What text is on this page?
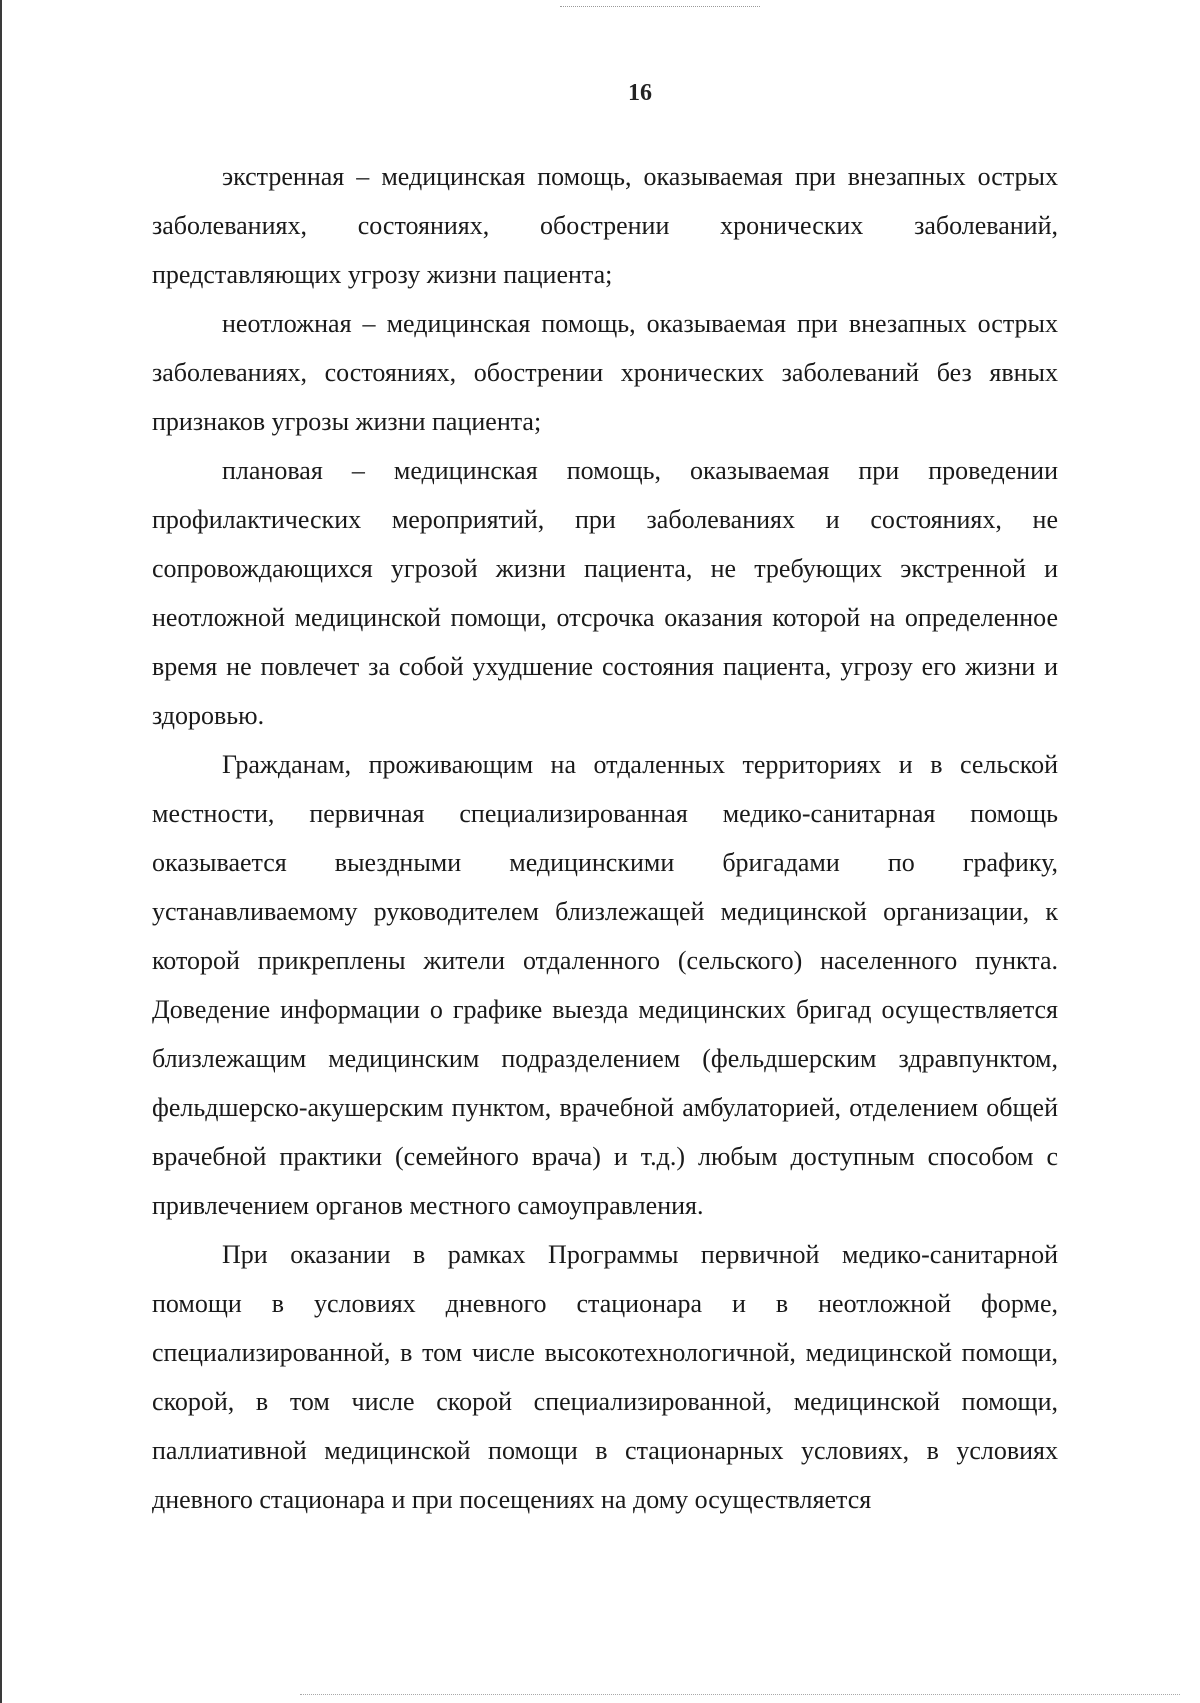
16

экстренная – медицинская помощь, оказываемая при внезапных острых заболеваниях, состояниях, обострении хронических заболеваний, представляющих угрозу жизни пациента;

неотложная – медицинская помощь, оказываемая при внезапных острых заболеваниях, состояниях, обострении хронических заболеваний без явных признаков угрозы жизни пациента;

плановая – медицинская помощь, оказываемая при проведении профилактических мероприятий, при заболеваниях и состояниях, не сопровождающихся угрозой жизни пациента, не требующих экстренной и неотложной медицинской помощи, отсрочка оказания которой на определенное время не повлечет за собой ухудшение состояния пациента, угрозу его жизни и здоровью.

Гражданам, проживающим на отдаленных территориях и в сельской местности, первичная специализированная медико-санитарная помощь оказывается выездными медицинскими бригадами по графику, устанавливаемому руководителем близлежащей медицинской организации, к которой прикреплены жители отдаленного (сельского) населенного пункта. Доведение информации о графике выезда медицинских бригад осуществляется близлежащим медицинским подразделением (фельдшерским здравпунктом, фельдшерско-акушерским пунктом, врачебной амбулаторией, отделением общей врачебной практики (семейного врача) и т.д.) любым доступным способом с привлечением органов местного самоуправления.

При оказании в рамках Программы первичной медико-санитарной помощи в условиях дневного стационара и в неотложной форме, специализированной, в том числе высокотехнологичной, медицинской помощи, скорой, в том числе скорой специализированной, медицинской помощи, паллиативной медицинской помощи в стационарных условиях, в условиях дневного стационара и при посещениях на дому осуществляется
